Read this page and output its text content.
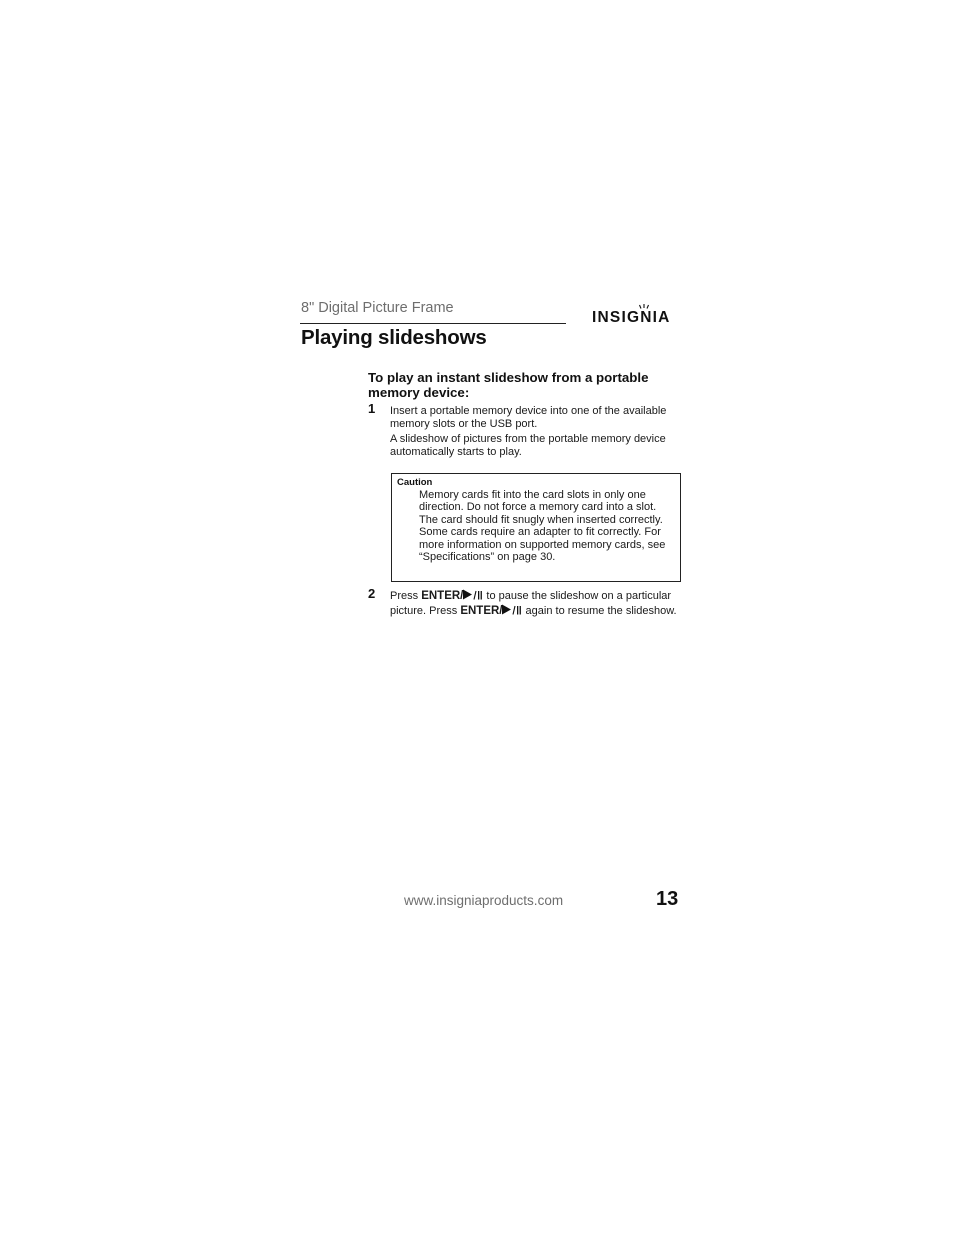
8" Digital Picture Frame
INSIGNIA
Playing slideshows
To play an instant slideshow from a portable memory device:
1 Insert a portable memory device into one of the available memory slots or the USB port.
A slideshow of pictures from the portable memory device automatically starts to play.
Caution
Memory cards fit into the card slots in only one direction. Do not force a memory card into a slot. The card should fit snugly when inserted correctly. Some cards require an adapter to fit correctly. For more information on supported memory cards, see “Specifications” on page 30.
2 Press ENTER/ to pause the slideshow on a particular picture. Press ENTER/ again to resume the slideshow.
www.insigniaproducts.com	13
